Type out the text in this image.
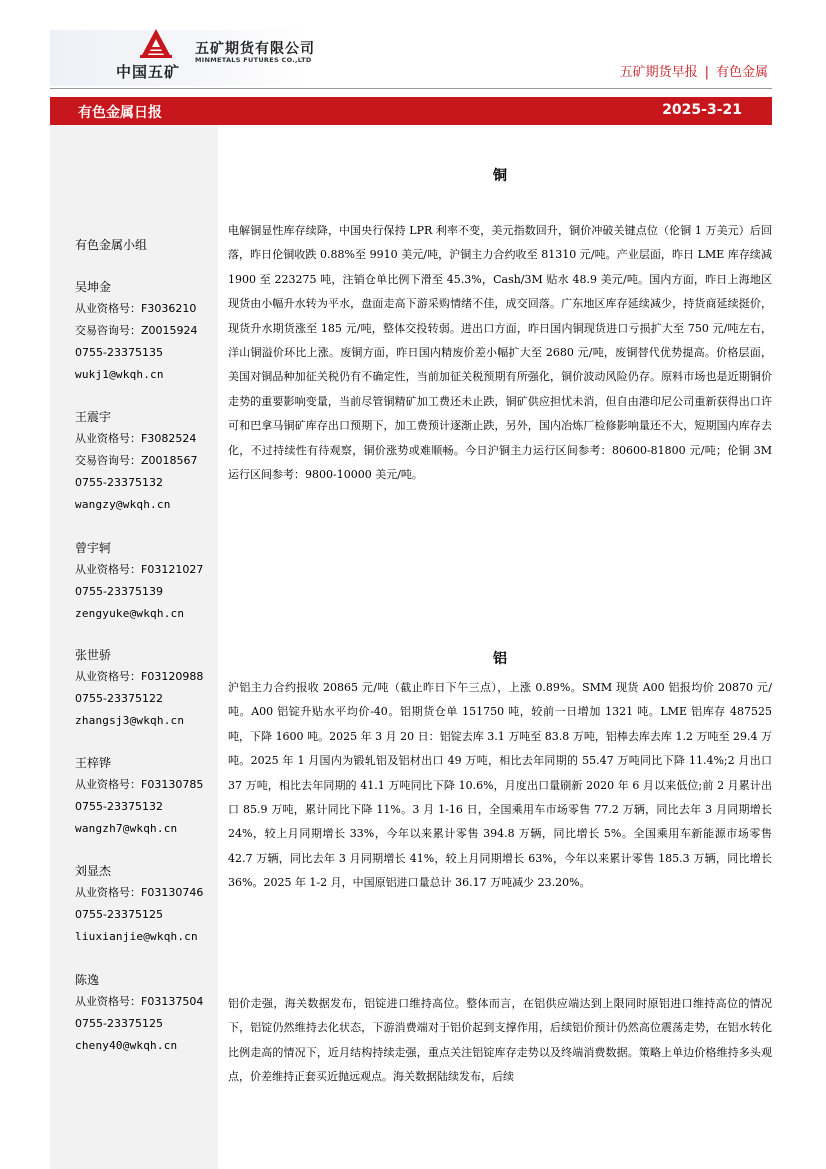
中国五矿
五矿期货有限公司
MINMETALS FUTURES CO.,LTD
五矿期货早报 | 有色金属
有色金属日报	2025-3-21
有色金属小组
吴坤金
从业资格号：F3036210
交易咨询号：Z0015924
0755-23375135
wukj1@wkqh.cn
王震宇
从业资格号：F3082524
交易咨询号：Z0018567
0755-23375132
wangzy@wkqh.cn
曾宇轲
从业资格号：F03121027
0755-23375139
zengyuke@wkqh.cn
张世骄
从业资格号：F03120988
0755-23375122
zhangsj3@wkqh.cn
王梓铧
从业资格号：F03130785
0755-23375132
wangzh7@wkqh.cn
刘显杰
从业资格号：F03130746
0755-23375125
liuxianjie@wkqh.cn
陈逸
从业资格号：F03137504
0755-23375125
cheny40@wkqh.cn
铜
电解铜显性库存续降，中国央行保持 LPR 利率不变，美元指数回升，铜价冲破关键点位（伦铜 1 万美元）后回落，昨日伦铜收跌 0.88%至 9910 美元/吨，沪铜主力合约收至 81310 元/吨。产业层面，昨日 LME 库存续减 1900 至 223275 吨，注销仓单比例下滑至 45.3%，Cash/3M 贴水 48.9 美元/吨。国内方面，昨日上海地区现货由小幅升水转为平水，盘面走高下游采购情绪不佳，成交回落。广东地区库存延续减少，持货商延续挺价，现货升水期货涨至 185 元/吨，整体交投转弱。进出口方面，昨日国内铜现货进口亏损扩大至 750 元/吨左右，洋山铜溢价环比上涨。废铜方面，昨日国内精废价差小幅扩大至 2680 元/吨，废铜替代优势提高。价格层面，美国对铜品种加征关税仍有不确定性，当前加征关税预期有所强化，铜价波动风险仍存。原料市场也是近期铜价走势的重要影响变量，当前尽管铜精矿加工费还未止跌，铜矿供应担忧未消，但自由港印尼公司重新获得出口许可和巴拿马铜矿库存出口预期下，加工费预计逐渐止跌，另外，国内冶炼厂检修影响量还不大，短期国内库存去化，不过持续性有待观察，铜价涨势或难顺畅。今日沪铜主力运行区间参考：80600-81800 元/吨；伦铜 3M 运行区间参考：9800-10000 美元/吨。
铝
沪铝主力合约报收 20865 元/吨（截止昨日下午三点），上涨 0.89%。SMM 现货 A00 铝报均价 20870 元/吨。A00 铝锭升贴水平均价-40。铝期货仓单 151750 吨，较前一日增加 1321 吨。LME 铝库存 487525 吨，下降 1600 吨。2025 年 3 月 20 日：铝锭去库 3.1 万吨至 83.8 万吨，铝棒去库去库 1.2 万吨至 29.4 万吨。2025 年 1 月国内为锻轧铝及铝材出口 49 万吨，相比去年同期的 55.47 万吨同比下降 11.4%;2 月出口 37 万吨，相比去年同期的 41.1 万吨同比下降 10.6%，月度出口量刷新 2020 年 6 月以来低位;前 2 月累计出口 85.9 万吨，累计同比下降 11%。3 月 1-16 日，全国乘用车市场零售 77.2 万辆，同比去年 3 月同期增长 24%，较上月同期增长 33%，今年以来累计零售 394.8 万辆，同比增长 5%。全国乘用车新能源市场零售 42.7 万辆，同比去年 3 月同期增长 41%，较上月同期增长 63%，今年以来累计零售 185.3 万辆，同比增长 36%。2025 年 1-2 月，中国原铝进口量总计 36.17 万吨减少 23.20%。
铝价走强，海关数据发布，铝锭进口维持高位。整体而言，在铝供应端达到上限同时原铝进口维持高位的情况下，铝锭仍然维持去化状态，下游消费端对于铝价起到支撑作用，后续铝价预计仍然高位震荡走势，在铝水转化比例走高的情况下，近月结构持续走强，重点关注铝锭库存走势以及终端消费数据。策略上单边价格维持多头观点，价差维持正套买近抛远观点。海关数据陆续发布，后续
